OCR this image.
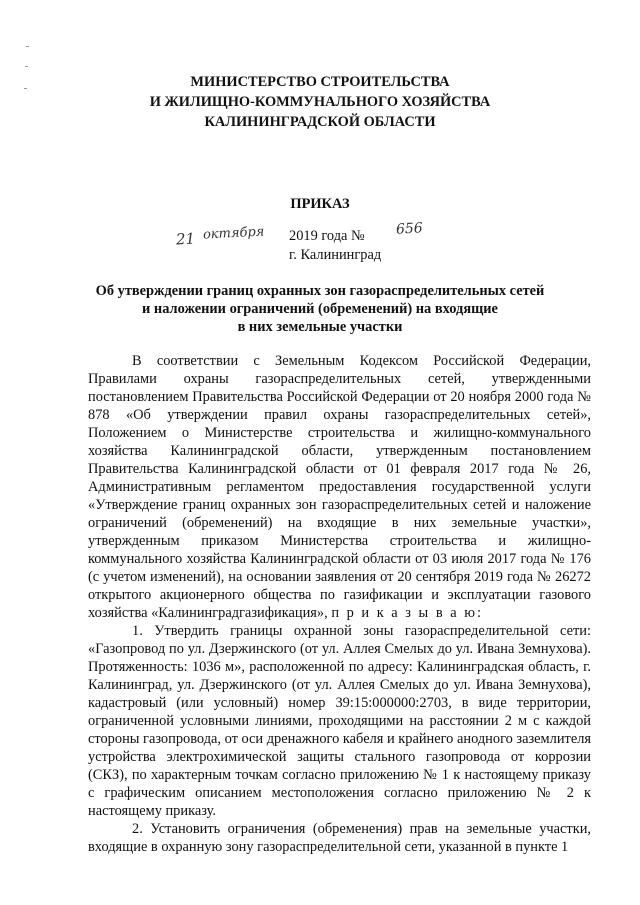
МИНИСТЕРСТВО СТРОИТЕЛЬСТВА
И ЖИЛИЩНО-КОММУНАЛЬНОГО ХОЗЯЙСТВА
КАЛИНИНГРАДСКОЙ ОБЛАСТИ
ПРИКАЗ
21 октября 2019 года № 656
г. Калининград
Об утверждении границ охранных зон газораспределительных сетей
и наложении ограничений (обременений) на входящие
в них земельные участки

В соответствии с Земельным Кодексом Российской Федерации, Правилами охраны газораспределительных сетей, утвержденными постановлением Правительства Российской Федерации от 20 ноября 2000 года № 878 «Об утверждении правил охраны газораспределительных сетей», Положением о Министерстве строительства и жилищно-коммунального хозяйства Калининградской области, утвержденным постановлением Правительства Калининградской области от 01 февраля 2017 года № 26, Административным регламентом предоставления государственной услуги «Утверждение границ охранных зон газораспределительных сетей и наложение ограничений (обременений) на входящие в них земельные участки», утвержденным приказом Министерства строительства и жилищно-коммунального хозяйства Калининградской области от 03 июля 2017 года № 176 (с учетом изменений), на основании заявления от 20 сентября 2019 года № 26272 открытого акционерного общества по газификации и эксплуатации газового хозяйства «Калининградгазификация», п р и к а з ы в а ю:

1. Утвердить границы охранной зоны газораспределительной сети: «Газопровод по ул. Дзержинского (от ул. Аллея Смелых до ул. Ивана Земнухова). Протяженность: 1036 м», расположенной по адресу: Калининградская область, г. Калининград, ул. Дзержинского (от ул. Аллея Смелых до ул. Ивана Земнухова), кадастровый (или условный) номер 39:15:000000:2703, в виде территории, ограниченной условными линиями, проходящими на расстоянии 2 м с каждой стороны газопровода, от оси дренажного кабеля и крайнего анодного заземлителя устройства электрохимической защиты стального газопровода от коррозии (СКЗ), по характерным точкам согласно приложению № 1 к настоящему приказу с графическим описанием местоположения согласно приложению № 2 к настоящему приказу.

2. Установить ограничения (обременения) прав на земельные участки, входящие в охранную зону газораспределительной сети, указанной в пункте 1
